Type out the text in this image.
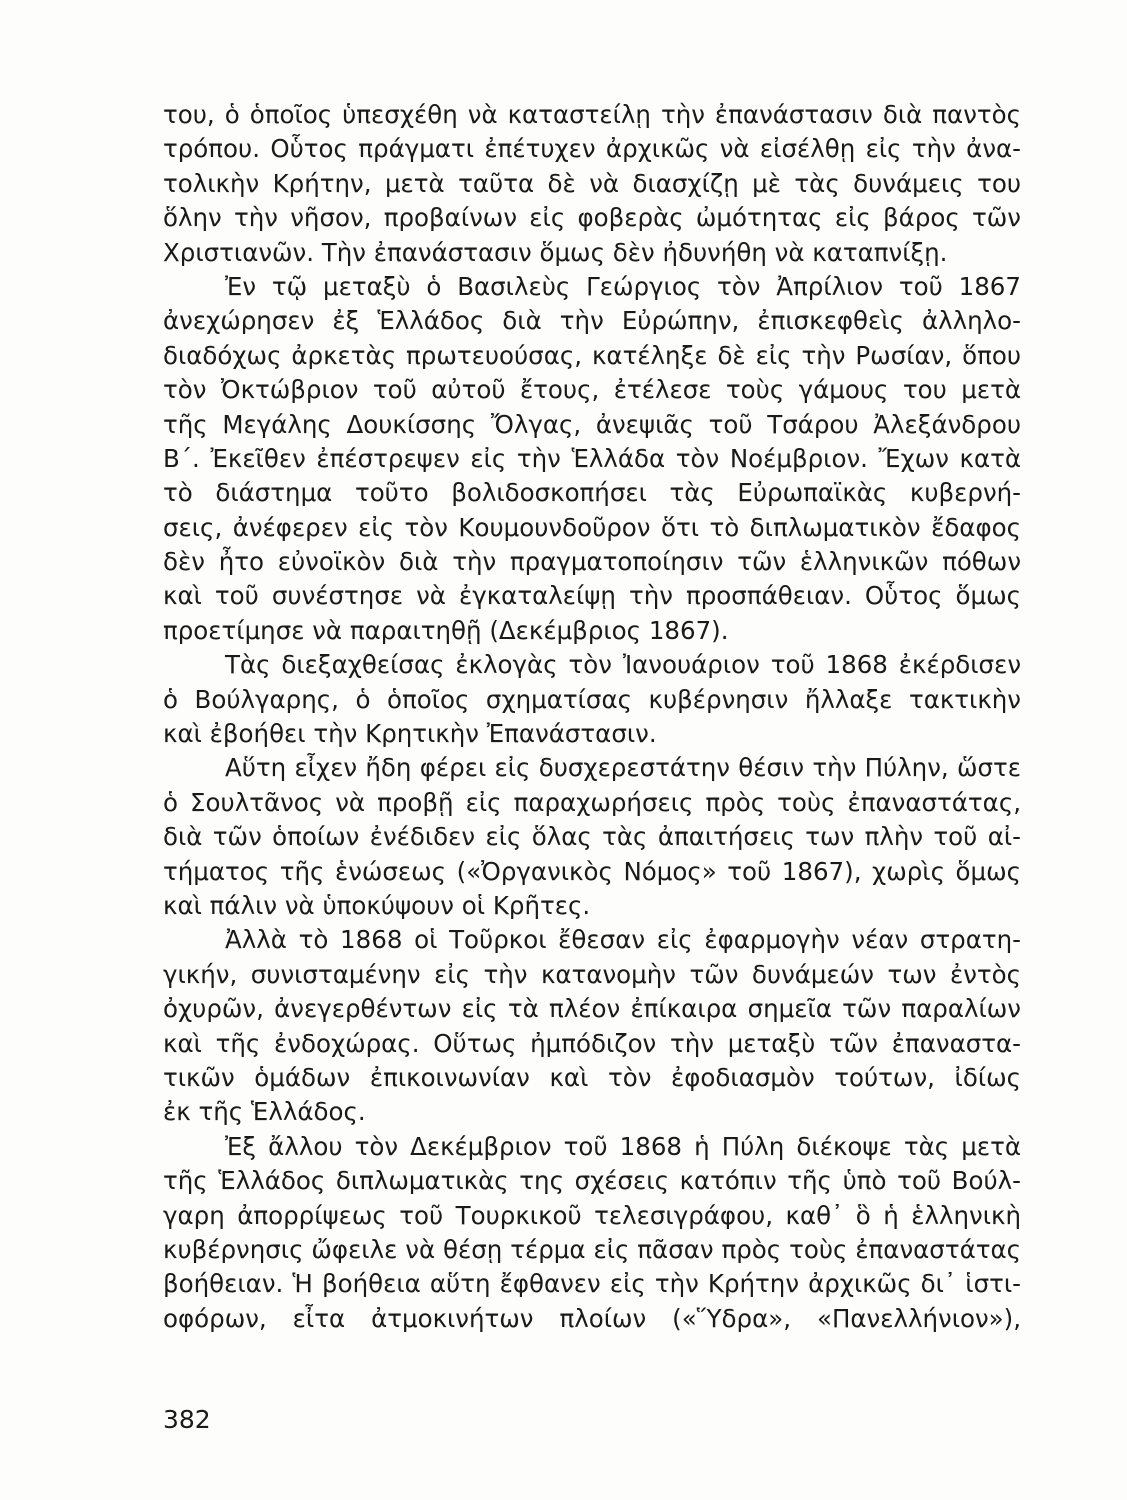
του, ὁ ὁποῖος ὑπεσχέθη νὰ καταστείλῃ τὴν ἐπανάστασιν διὰ παντὸς
τρόπου. Οὗτος πράγματι ἐπέτυχεν ἀρχικῶς νὰ εἰσέλθῃ εἰς τὴν ἀνα-
τολικὴν Κρήτην, μετὰ ταῦτα δὲ νὰ διασχίζῃ μὲ τὰς δυνάμεις του
ὅλην τὴν νῆσον, προβαίνων εἰς φοβερὰς ὠμότητας εἰς βάρος τῶν
Χριστιανῶν. Τὴν ἐπανάστασιν ὅμως δὲν ἠδυνήθη νὰ καταπνίξῃ.
Ἐν τῷ μεταξὺ ὁ Βασιλεὺς Γεώργιος τὸν Ἀπρίλιον τοῦ 1867
ἀνεχώρησεν ἐξ Ἑλλάδος διὰ τὴν Εὐρώπην, ἐπισκεφθεὶς ἀλληλο-
διαδόχως ἀρκετὰς πρωτευούσας, κατέληξε δὲ εἰς τὴν Ρωσίαν, ὅπου
τὸν Ὀκτώβριον τοῦ αὐτοῦ ἔτους, ἐτέλεσε τοὺς γάμους του μετὰ
τῆς Μεγάλης Δουκίσσης Ὄλγας, ἀνεψιᾶς τοῦ Τσάρου Ἀλεξάνδρου
Β΄. Ἐκεῖθεν ἐπέστρεψεν εἰς τὴν Ἑλλάδα τὸν Νοέμβριον. Ἔχων κατὰ
τὸ διάστημα τοῦτο βολιδοσκοπήσει τὰς Εὐρωπαϊκὰς κυβερνή-
σεις, ἀνέφερεν εἰς τὸν Κουμουνδοῦρον ὅτι τὸ διπλωματικὸν ἔδαφος
δὲν ἦτο εὐνοϊκὸν διὰ τὴν πραγματοποίησιν τῶν ἑλληνικῶν πόθων
καὶ τοῦ συνέστησε νὰ ἐγκαταλείψῃ τὴν προσπάθειαν. Οὗτος ὅμως
προετίμησε νὰ παραιτηθῇ (Δεκέμβριος 1867).
Τὰς διεξαχθείσας ἐκλογὰς τὸν Ἰανουάριον τοῦ 1868 ἐκέρδισεν
ὁ Βούλγαρης, ὁ ὁποῖος σχηματίσας κυβέρνησιν ἤλλαξε τακτικὴν
καὶ ἐβοήθει τὴν Κρητικὴν Ἐπανάστασιν.
Αὕτη εἶχεν ἤδη φέρει εἰς δυσχερεστάτην θέσιν τὴν Πύλην, ὥστε
ὁ Σουλτᾶνος νὰ προβῇ εἰς παραχωρήσεις πρὸς τοὺς ἐπαναστάτας,
διὰ τῶν ὁποίων ἐνέδιδεν εἰς ὅλας τὰς ἀπαιτήσεις των πλὴν τοῦ αἰ-
τήματος τῆς ἑνώσεως («Ὀργανικὸς Νόμος» τοῦ 1867), χωρὶς ὅμως
καὶ πάλιν νὰ ὑποκύψουν οἱ Κρῆτες.
Ἀλλὰ τὸ 1868 οἱ Τοῦρκοι ἔθεσαν εἰς ἐφαρμογὴν νέαν στρατη-
γικήν, συνισταμένην εἰς τὴν κατανομὴν τῶν δυνάμεών των ἐντὸς
ὀχυρῶν, ἀνεγερθέντων εἰς τὰ πλέον ἐπίκαιρα σημεῖα τῶν παραλίων
καὶ τῆς ἐνδοχώρας. Οὕτως ἠμπόδιζον τὴν μεταξὺ τῶν ἐπαναστα-
τικῶν ὁμάδων ἐπικοινωνίαν καὶ τὸν ἐφοδιασμὸν τούτων, ἰδίως
ἐκ τῆς Ἑλλάδος.
Ἐξ ἄλλου τὸν Δεκέμβριον τοῦ 1868 ἡ Πύλη διέκοψε τὰς μετὰ
τῆς Ἑλλάδος διπλωματικὰς της σχέσεις κατόπιν τῆς ὑπὸ τοῦ Βούλ-
γαρη ἀπορρίψεως τοῦ Τουρκικοῦ τελεσιγράφου, καθ᾽ ὃ ἡ ἑλληνικὴ
κυβέρνησις ὤφειλε νὰ θέσῃ τέρμα εἰς πᾶσαν πρὸς τοὺς ἐπαναστάτας
βοήθειαν. Ἡ βοήθεια αὕτη ἔφθανεν εἰς τὴν Κρήτην ἀρχικῶς δι᾽ ἱστι-
οφόρων, εἶτα ἀτμοκινήτων πλοίων («Ὕδρα», «Πανελλήνιον»),
382
